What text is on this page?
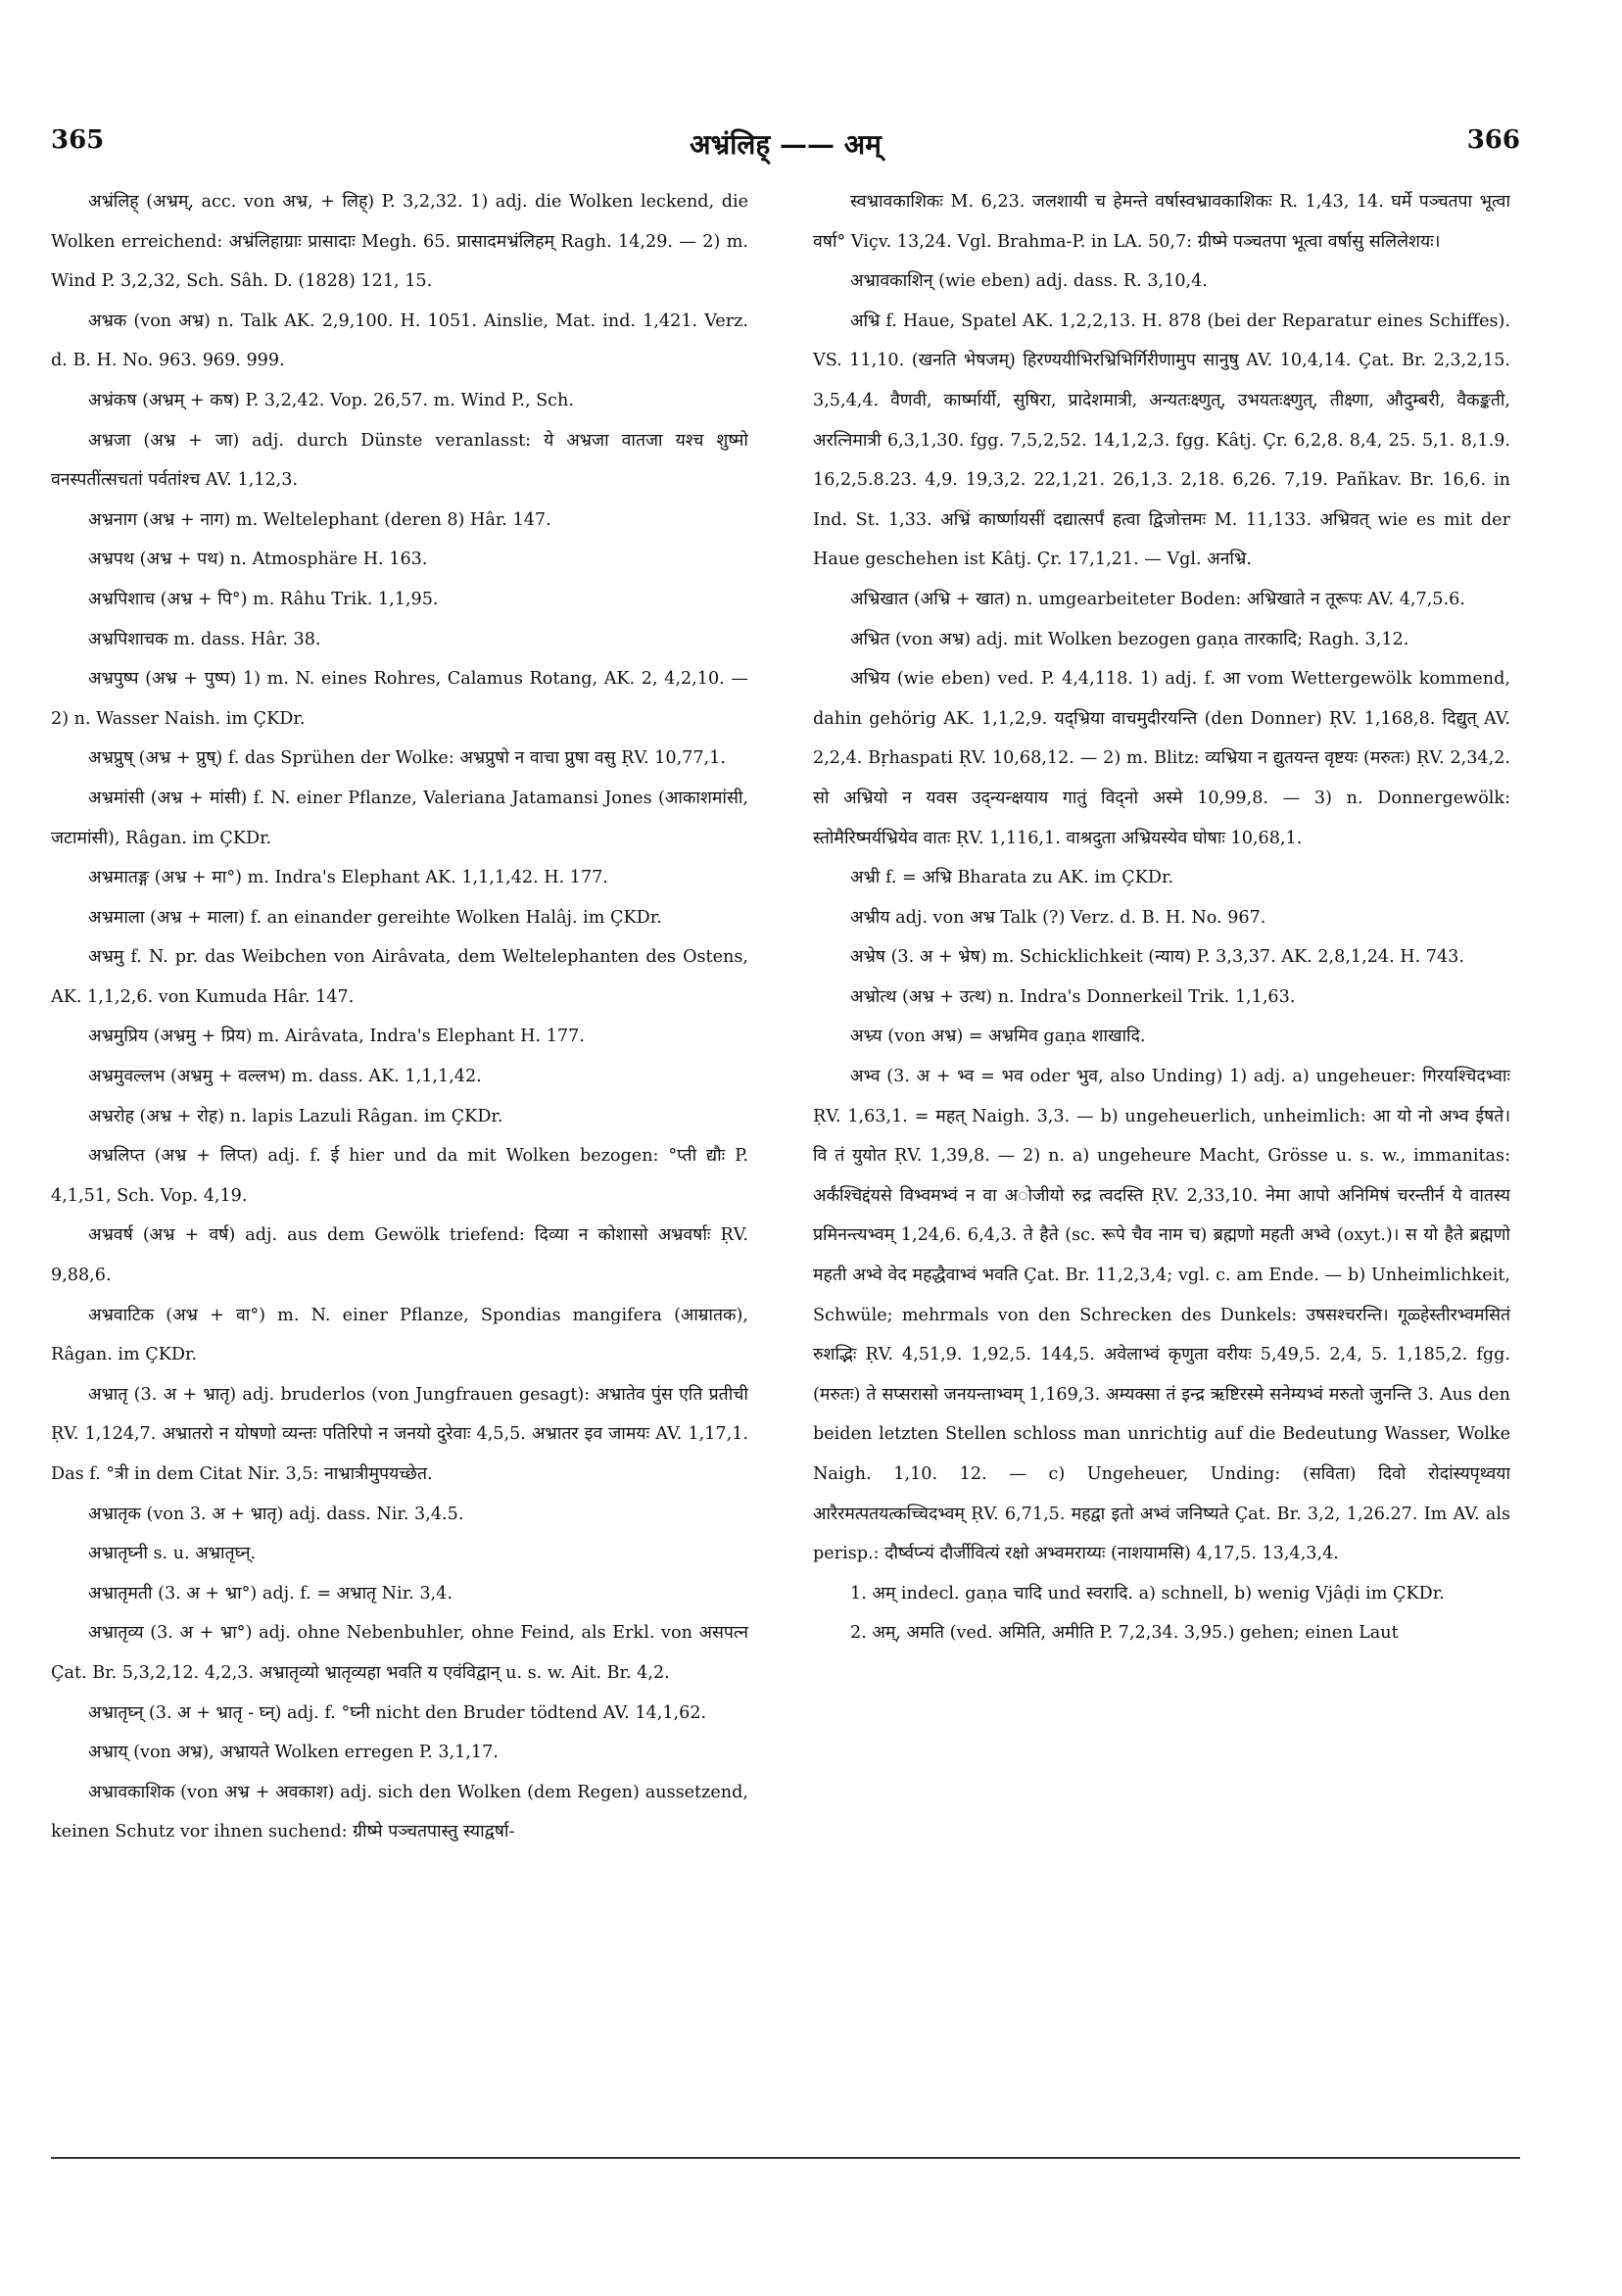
365	अभ्रंलिह् —— अम्	366

अभ्रंलिह् (अभ्रम्, acc. von अभ्र, + लिह्) P. 3,2,32. 1) adj. die Wolken leckend, die Wolken erreichend: अभ्रंलिहाग्राः प्रासादाः Megh. 65. प्रासादमभ्रंलिहम् Ragh. 14,29. — 2) m. Wind P. 3,2,32, Sch. Sâh. D. (1828) 121, 15.

अभ्रक (von अभ्र) n. Talk AK. 2,9,100. H. 1051. Ainslie, Mat. ind. 1,421. Verz. d. B. H. No. 963. 969. 999.

अभ्रंकष (अभ्रम् + कष) P. 3,2,42. Vop. 26,57. m. Wind P., Sch.

अभ्रजा (अभ्र + जा) adj. durch Dünste veranlasst: ये अभ्रजा वातजा यश्च शुष्मो वनस्पतींत्सचतां पर्वतांश्च AV. 1,12,3.

अभ्रनाग (अभ्र + नाग) m. Weltelephant (deren 8) Hâr. 147.

अभ्रपथ (अभ्र + पथ) n. Atmosphäre H. 163.

अभ्रपिशाच (अभ्र + पि°) m. Râhu Trik. 1,1,95.

अभ्रपिशाचक m. dass. Hâr. 38.

अभ्रपुष्प (अभ्र + पुष्प) 1) m. N. eines Rohres, Calamus Rotang, AK. 2, 4,2,10. — 2) n. Wasser Naish. im ÇKDr.

अभ्रप्रुष् (अभ्र + प्रुष्) f. das Sprühen der Wolke: अभ्रप्रुषो न वाचा प्रुषा वसु ṚV. 10,77,1.

अभ्रमांसी (अभ्र + मांसी) f. N. einer Pflanze, Valeriana Jatamansi Jones (आकाशमांसी, जटामांसी), Râgan. im ÇKDr.

अभ्रमातङ्ग (अभ्र + मा°) m. Indra's Elephant AK. 1,1,1,42. H. 177.

अभ्रमाला (अभ्र + माला) f. an einander gereihte Wolken Halâj. im ÇKDr.

अभ्रमु f. N. pr. das Weibchen von Airâvata, dem Weltelephanten des Ostens, AK. 1,1,2,6. von Kumuda Hâr. 147.

अभ्रमुप्रिय (अभ्रमु + प्रिय) m. Airâvata, Indra's Elephant H. 177.

अभ्रमुवल्लभ (अभ्रमु + वल्लभ) m. dass. AK. 1,1,1,42.

अभ्ररोह (अभ्र + रोह) n. lapis Lazuli Râgan. im ÇKDr.

अभ्रलिप्त (अभ्र + लिप्त) adj. f. ई hier und da mit Wolken bezogen: °प्ती द्यौः P. 4,1,51, Sch. Vop. 4,19.

अभ्रवर्ष (अभ्र + वर्ष) adj. aus dem Gewölk triefend: दिव्या न कोशासो अभ्रवर्षाः ṚV. 9,88,6.

अभ्रवाटिक (अभ्र + वा°) m. N. einer Pflanze, Spondias mangifera (आम्रातक), Râgan. im ÇKDr.

अभ्रातृ (3. अ + भ्रातृ) adj. bruderlos (von Jungfrauen gesagt): अभ्रातेव पुंस एति प्रतीची ṚV. 1,124,7. अभ्रातरो न योषणो व्यन्तः पतिरिपो न जनयो दुरेवाः 4,5,5. अभ्रातर इव जामयः AV. 1,17,1. Das f. °त्री in dem Citat Nir. 3,5: नाभ्रात्रीमुपयच्छेत.

अभ्रातृक (von 3. अ + भ्रातृ) adj. dass. Nir. 3,4.5.

अभ्रातृघ्नी s. u. अभ्रातृघ्न्.

अभ्रातृमती (3. अ + भ्रा°) adj. f. = अभ्रातृ Nir. 3,4.

अभ्रातृव्य (3. अ + भ्रा°) adj. ohne Nebenbuhler, ohne Feind, als Erkl. von असपत्न Çat. Br. 5,3,2,12. 4,2,3. अभ्रातृव्यो भ्रातृव्यहा भवति य एवंविद्वान् u. s. w. Ait. Br. 4,2.

अभ्रातृघ्न् (3. अ + भ्रातृ - घ्न्) adj. f. °घ्नी nicht den Bruder tödtend AV. 14,1,62.

अभ्राय् (von अभ्र), अभ्रायते Wolken erregen P. 3,1,17.

अभ्रावकाशिक (von अभ्र + अवकाश) adj. sich den Wolken (dem Regen) aussetzend, keinen Schutz vor ihnen suchend: ग्रीष्मे पञ्चतपास्तु स्याद्वर्षा-

स्वभ्रावकाशिकः M. 6,23. जलशायी च हेमन्ते वर्षास्वभ्रावकाशिकः R. 1,43, 14. घर्मे पञ्चतपा भूत्वा वर्षा° Viçv. 13,24. Vgl. Brahma-P. in LA. 50,7: ग्रीष्मे पञ्चतपा भूत्वा वर्षासु सलिलेशयः।

अभ्रावकाशिन् (wie eben) adj. dass. R. 3,10,4.

अभ्रि f. Haue, Spatel AK. 1,2,2,13. H. 878 (bei der Reparatur eines Schiffes). VS. 11,10. (खनति भेषजम्) हिरण्ययीभिरभ्रिभिर्गिरीणामुप सानुषु AV. 10,4,14. Çat. Br. 2,3,2,15. 3,5,4,4. वैणवी, कार्ष्मार्यी, सुषिरा, प्रादेशमात्री, अन्यतःक्ष्णुत्, उभयतःक्ष्णुत्, तीक्ष्णा, औदुम्बरी, वैकङ्कती, अरत्निमात्री 6,3,1,30. fgg. 7,5,2,52. 14,1,2,3. fgg. Kâtj. Çr. 6,2,8. 8,4, 25. 5,1. 8,1.9. 16,2,5.8.23. 4,9. 19,3,2. 22,1,21. 26,1,3. 2,18. 6,26. 7,19. Pañkav. Br. 16,6. in Ind. St. 1,33. अभ्रिं कार्ष्णायसीं दद्यात्सर्पं हत्वा द्विजोत्तमः M. 11,133. अभ्रिवत् wie es mit der Haue geschehen ist Kâtj. Çr. 17,1,21. — Vgl. अनभ्रि.

अभ्रिखात (अभ्रि + खात) n. umgearbeiteter Boden: अभ्रिखाते न तूरूपः AV. 4,7,5.6.

अभ्रित (von अभ्र) adj. mit Wolken bezogen gaṇa तारकादि; Ragh. 3,12.

अभ्रिय (wie eben) ved. P. 4,4,118. 1) adj. f. आ vom Wettergewölk kommend, dahin gehörig AK. 1,1,2,9. यद्भ्रिया वाचमुदीरयन्ति (den Donner) ṚV. 1,168,8. दिद्युत् AV. 2,2,4. Bṛhaspati ṚV. 10,68,12. — 2) m. Blitz: व्यभ्रिया न द्युतयन्त वृष्टयः (मरुतः) ṚV. 2,34,2. सो अभ्रियो न यवस उद्न्यन्क्षयाय गातुं विद्नो अस्मे 10,99,8. — 3) n. Donnergewölk: स्तोमैरिष्मर्यभ्रियेव वातः ṚV. 1,116,1. वाश्रदुता अभ्रियस्येव घोषाः 10,68,1.

अभ्री f. = अभ्रि Bharata zu AK. im ÇKDr.

अभ्रीय adj. von अभ्र Talk (?) Verz. d. B. H. No. 967.

अभ्रेष (3. अ + भ्रेष) m. Schicklichkeit (न्याय) P. 3,3,37. AK. 2,8,1,24. H. 743.

अभ्रोत्थ (अभ्र + उत्थ) n. Indra's Donnerkeil Trik. 1,1,63.

अभ्र्य (von अभ्र) = अभ्रमिव gaṇa शाखादि.

अभ्व (3. अ + भ्व = भव oder भुव, also Unding) 1) adj. a) ungeheuer: गिरयश्चिदभ्वाः ṚV. 1,63,1. = महत् Naigh. 3,3. — b) ungeheuerlich, unheimlich: आ यो नो अभ्व ईषते। वि तं युयोत ṚV. 1,39,8. — 2) n. a) ungeheure Macht, Grösse u. s. w., immanitas: अर्कंश्चिद्दंयसे विभ्वमभ्वं न वा अोजीयो रुद्र त्वदस्ति ṚV. 2,33,10. नेमा आपो अनिमिषं चरन्तीर्न ये वातस्य प्रमिनन्त्यभ्वम् 1,24,6. 6,4,3. ते हैते (sc. रूपे चैव नाम च) ब्रह्मणो महती अभ्वे (oxyt.)। स यो हैते ब्रह्मणो महती अभ्वे वेद महद्धैवाभ्वं भवति Çat. Br. 11,2,3,4; vgl. c. am Ende. — b) Unheimlichkeit, Schwüle; mehrmals von den Schrecken des Dunkels: उषसश्चरन्ति। गूळ्हेस्तीरभ्वमसितं रुशद्भिः ṚV. 4,51,9. 1,92,5. 144,5. अवेलाभ्वं कृणुता वरीयः 5,49,5. 2,4, 5. 1,185,2. fgg. (मरुतः) ते सप्सरासो जनयन्ताभ्वम् 1,169,3. अम्यक्सा तं इन्द्र ऋष्टिरस्मे सनेम्यभ्वं मरुतो जुनन्ति 3. Aus den beiden letzten Stellen schloss man unrichtig auf die Bedeutung Wasser, Wolke Naigh. 1,10. 12. — c) Ungeheuer, Unding: (सविता) दिवो रोदांस्यपृथ्वया आरैरमत्पतयत्कच्चिदभ्वम् ṚV. 6,71,5. महद्वा इतो अभ्वं जनिष्यते Çat. Br. 3,2, 1,26.27. Im AV. als perisp.: दौर्ष्वप्न्यं दौर्जीवित्यं रक्षो अभ्वमराय्यः (नाशयामसि) 4,17,5. 13,4,3,4.

1. अम् indecl. gaṇa चादि und स्वरादि. a) schnell, b) wenig Vjâḍi im ÇKDr.

2. अम्, अमति (ved. अमिति, अमीति P. 7,2,34. 3,95.) gehen; einen Laut
